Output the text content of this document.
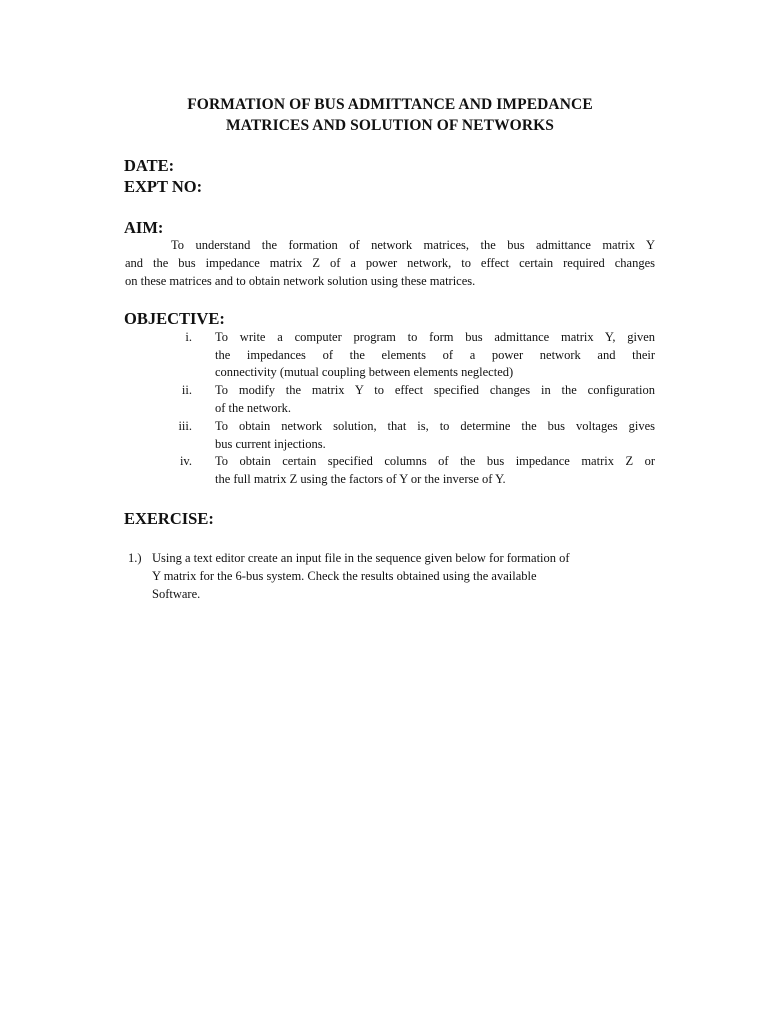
FORMATION OF BUS ADMITTANCE AND IMPEDANCE
MATRICES AND SOLUTION OF NETWORKS
DATE:
EXPT NO:
AIM:
To understand the formation of network matrices, the bus admittance matrix Y
and the bus impedance matrix Z of a power network, to effect certain required changes
on these matrices and to obtain network solution using these matrices.
OBJECTIVE:
i. To write a computer program to form bus admittance matrix Y, given
the impedances of the elements of a power network and their
connectivity (mutual coupling between elements neglected)
ii. To modify the matrix Y to effect specified changes in the configuration
of the network.
iii. To obtain network solution, that is, to determine the bus voltages gives
bus current injections.
iv. To obtain certain specified columns of the bus impedance matrix Z or
the full matrix Z using the factors of Y or the inverse of Y.
EXERCISE:
1.) Using a text editor create an input file in the sequence given below for formation of
Y matrix for the 6-bus system. Check the results obtained using the available
Software.
